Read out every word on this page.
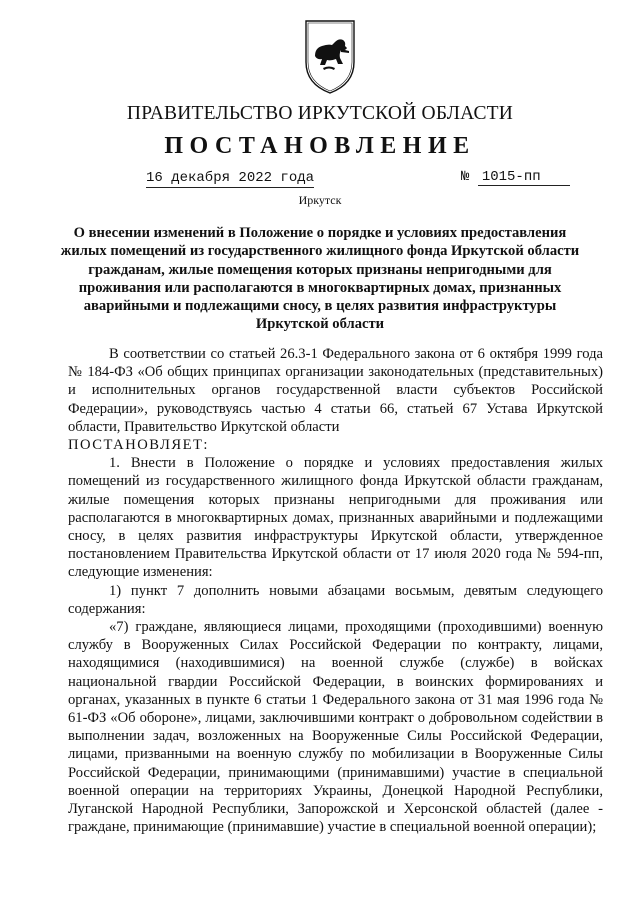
ПРАВИТЕЛЬСТВО ИРКУТСКОЙ ОБЛАСТИ
ПОСТАНОВЛЕНИЕ
16 декабря 2022 года	№ 1015-пп
Иркутск
О внесении изменений в Положение о порядке и условиях предоставления жилых помещений из государственного жилищного фонда Иркутской области гражданам, жилые помещения которых признаны непригодными для проживания или располагаются в многоквартирных домах, признанных аварийными и подлежащими сносу, в целях развития инфраструктуры Иркутской области

В соответствии со статьей 26.3-1 Федерального закона от 6 октября 1999 года № 184-ФЗ «Об общих принципах организации законодательных (представительных) и исполнительных органов государственной власти субъектов Российской Федерации», руководствуясь частью 4 статьи 66, статьей 67 Устава Иркутской области, Правительство Иркутской области

ПОСТАНОВЛЯЕТ:

1. Внести в Положение о порядке и условиях предоставления жилых помещений из государственного жилищного фонда Иркутской области гражданам, жилые помещения которых признаны непригодными для проживания или располагаются в многоквартирных домах, признанных аварийными и подлежащими сносу, в целях развития инфраструктуры Иркутской области, утвержденное постановлением Правительства Иркутской области от 17 июля 2020 года № 594-пп, следующие изменения:

1) пункт 7 дополнить новыми абзацами восьмым, девятым следующего содержания:

«7) граждане, являющиеся лицами, проходящими (проходившими) военную службу в Вооруженных Силах Российской Федерации по контракту, лицами, находящимися (находившимися) на военной службе (службе) в войсках национальной гвардии Российской Федерации, в воинских формированиях и органах, указанных в пункте 6 статьи 1 Федерального закона от 31 мая 1996 года № 61-ФЗ «Об обороне», лицами, заключившими контракт о добровольном содействии в выполнении задач, возложенных на Вооруженные Силы Российской Федерации, лицами, призванными на военную службу по мобилизации в Вооруженные Силы Российской Федерации, принимающими (принимавшими) участие в специальной военной операции на территориях Украины, Донецкой Народной Республики, Луганской Народной Республики, Запорожской и Херсонской областей (далее - граждане, принимающие (принимавшие) участие в специальной военной операции);
